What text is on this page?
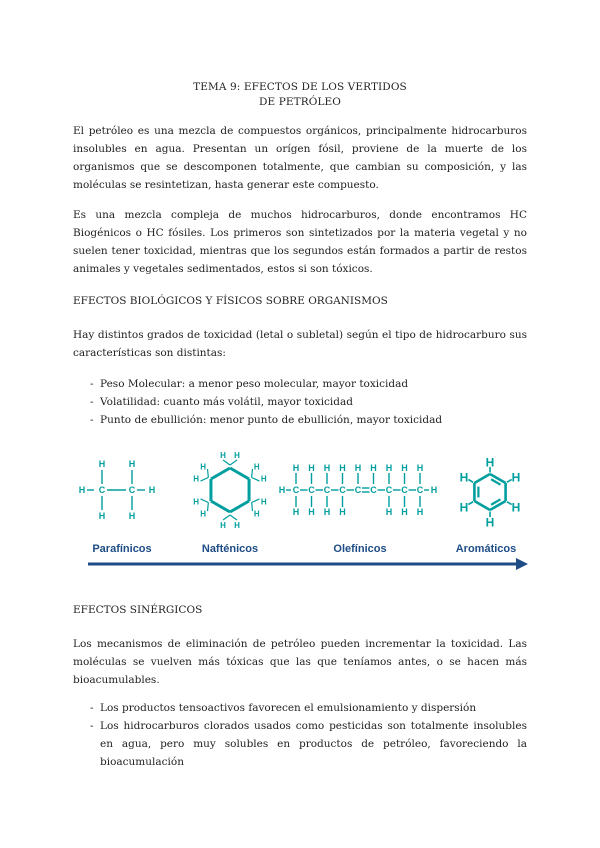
TEMA 9: EFECTOS DE LOS VERTIDOS
DE PETRÓLEO

El petróleo es una mezcla de compuestos orgánicos, principalmente hidrocarburos insolubles en agua. Presentan un orígen fósil, proviene de la muerte de los organismos que se descomponen totalmente, que cambian su composición, y las moléculas se resintetizan, hasta generar este compuesto.

Es una mezcla compleja de muchos hidrocarburos, donde encontramos HC Biogénicos o HC fósiles. Los primeros son sintetizados por la materia vegetal y no suelen tener toxicidad, mientras que los segundos están formados a partir de restos animales y vegetales sedimentados, estos si son tóxicos.

EFECTOS BIOLÓGICOS Y FÍSICOS SOBRE ORGANISMOS

Hay distintos grados de toxicidad (letal o subletal) según el tipo de hidrocarburo sus características son distintas:

- Peso Molecular: a menor peso molecular, mayor toxicidad
- Volatilidad: cuanto más volátil, mayor toxicidad
- Punto de ebullición: menor punto de ebullición, mayor toxicidad
H C	C H
H
H
H
H
H H
H
H
H
H
H
H
H
H
H
H
H C
H
H
C
H
H
C
H
H
C
H
H
C
H
C
H
C
H
H
C
H
H
C
H
H
H
H
H
H
H
H
H
Parafínicos	Nafténicos	Olefínicos	Aromáticos
EFECTOS SINÉRGICOS

Los mecanismos de eliminación de petróleo pueden incrementar la toxicidad. Las moléculas se vuelven más tóxicas que las que teníamos antes, o se hacen más bioacumulables.

- Los productos tensoactivos favorecen el emulsionamiento y dispersión
- Los hidrocarburos clorados usados como pesticidas son totalmente insolubles en agua, pero muy solubles en productos de petróleo, favoreciendo la bioacumulación
